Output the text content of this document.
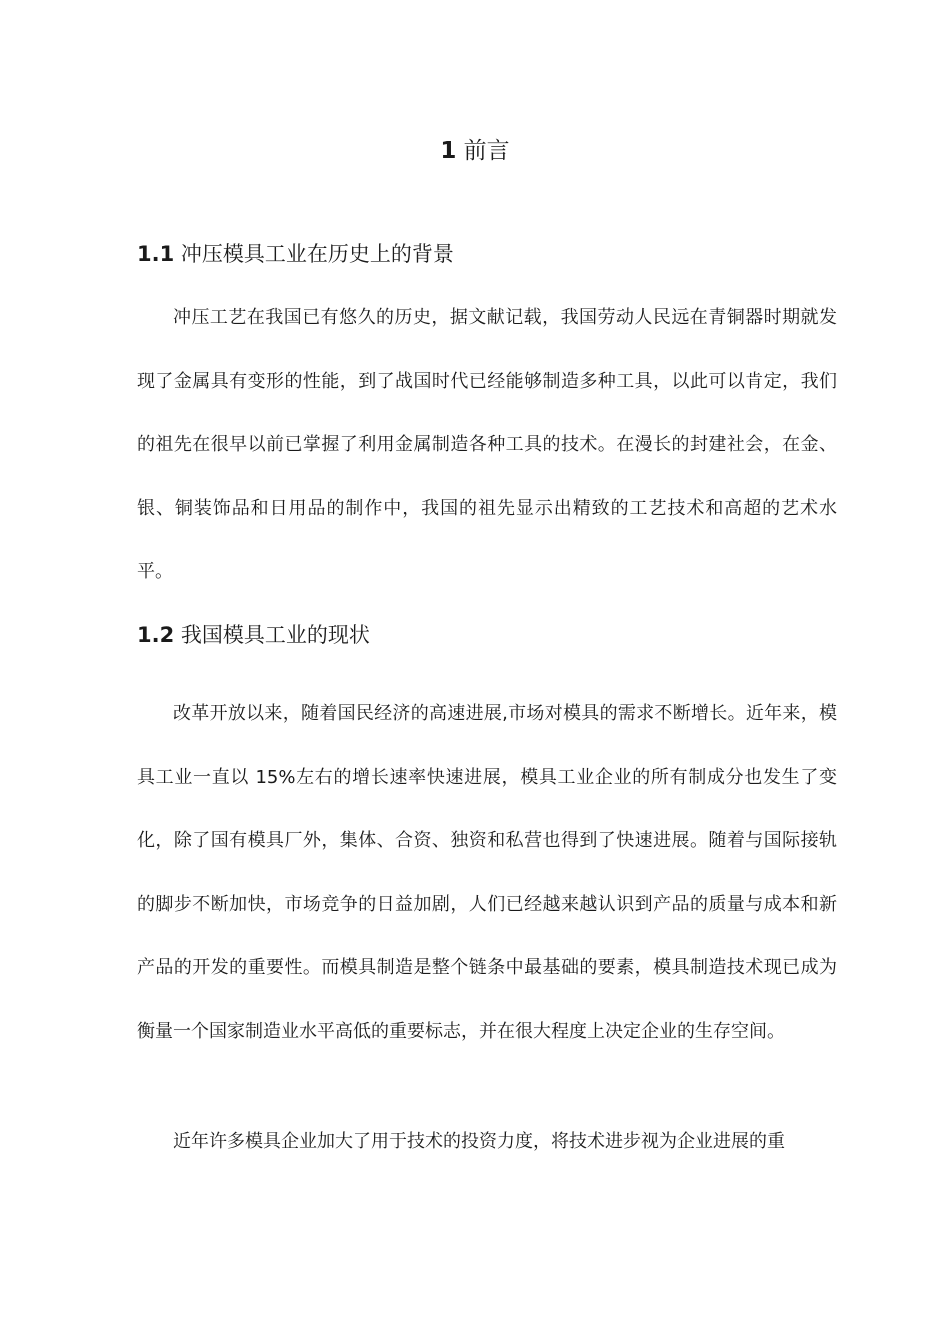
1 前言
1.1 冲压模具工业在历史上的背景

冲压工艺在我国已有悠久的历史，据文献记载，我国劳动人民远在青铜器时期就发现了金属具有变形的性能，到了战国时代已经能够制造多种工具，以此可以肯定，我们的祖先在很早以前已掌握了利用金属制造各种工具的技术。在漫长的封建社会，在金、银、铜装饰品和日用品的制作中，我国的祖先显示出精致的工艺技术和高超的艺术水平。

1.2 我国模具工业的现状

改革开放以来，随着国民经济的高速进展,市场对模具的需求不断增长。近年来，模具工业一直以 15%左右的增长速率快速进展，模具工业企业的所有制成分也发生了变化，除了国有模具厂外，集体、合资、独资和私营也得到了快速进展。随着与国际接轨的脚步不断加快，市场竞争的日益加剧，人们已经越来越认识到产品的质量与成本和新产品的开发的重要性。而模具制造是整个链条中最基础的要素，模具制造技术现已成为衡量一个国家制造业水平高低的重要标志，并在很大程度上决定企业的生存空间。

近年许多模具企业加大了用于技术的投资力度，将技术进步视为企业进展的重
